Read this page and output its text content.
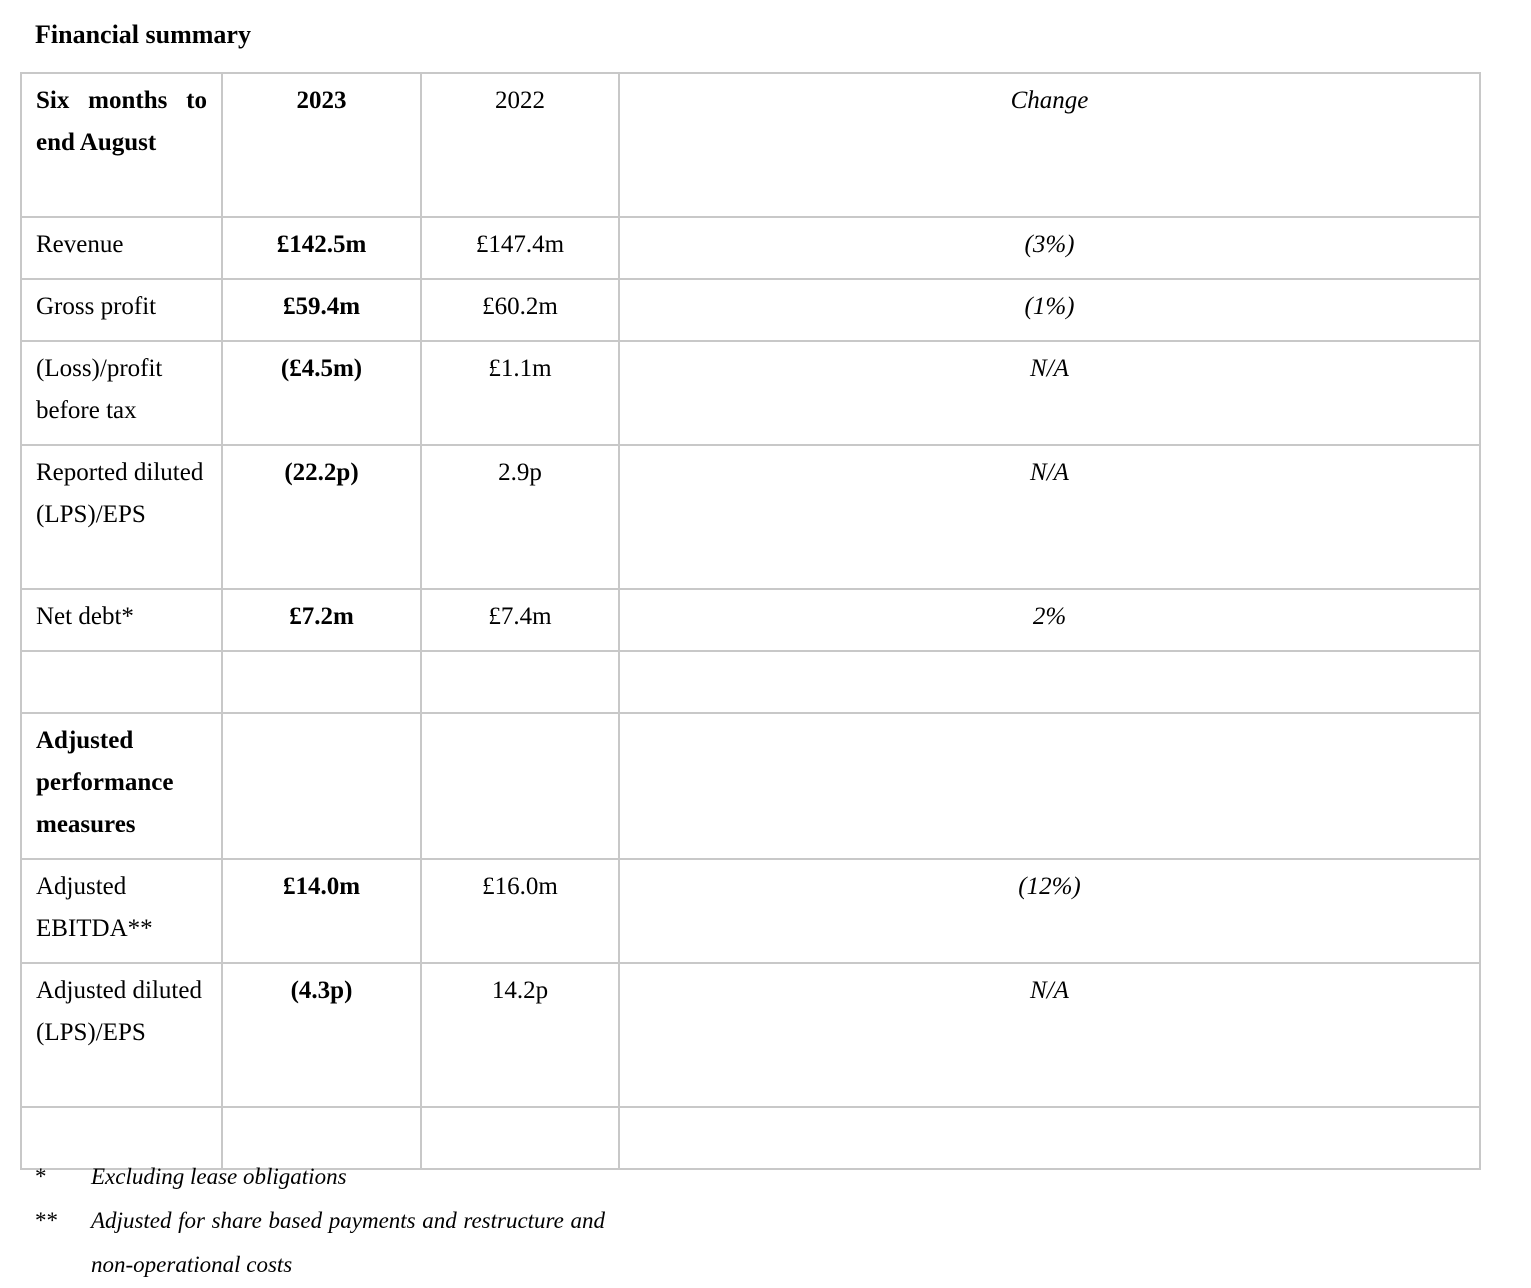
Financial summary
Six months to end August	2023	2022	Change
Revenue	£142.5m	£147.4m	(3%)
Gross profit	£59.4m	£60.2m	(1%)
(Loss)/profit before tax	(£4.5m)	£1.1m	N/A
Reported diluted (LPS)/EPS	(22.2p)	2.9p	N/A
Net debt*	£7.2m	£7.4m	2%

Adjusted performance measures			
Adjusted EBITDA**	£14.0m	£16.0m	(12%)
Adjusted diluted (LPS)/EPS	(4.3p)	14.2p	N/A

*	Excluding lease obligations
**	Adjusted for share based payments and restructure and non-operational costs
